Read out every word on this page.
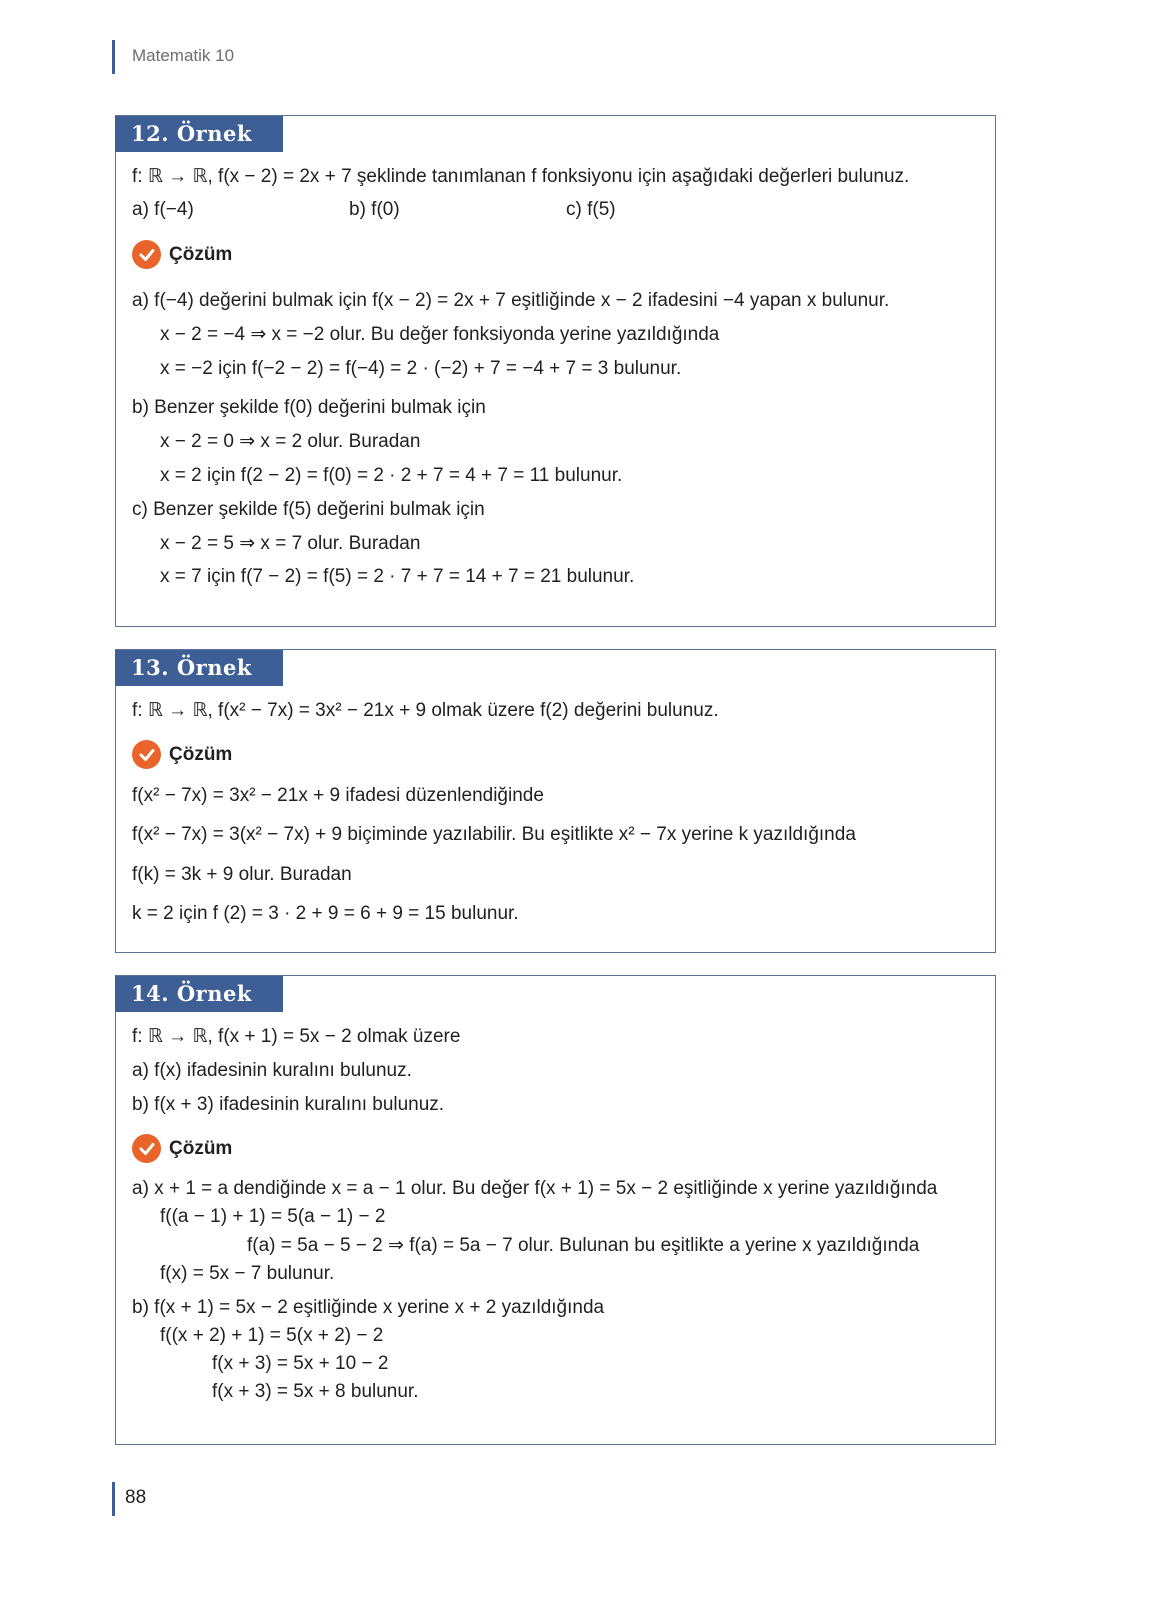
Matematik 10
12. Örnek
f: ℝ → ℝ, f(x − 2) = 2x + 7 şeklinde tanımlanan f fonksiyonu için aşağıdaki değerleri bulunuz.
a) f(−4)	b) f(0)	c) f(5)
Çözüm
a) f(−4) değerini bulmak için f(x − 2) = 2x + 7 eşitliğinde x − 2 ifadesini −4 yapan x bulunur.
x − 2 = −4 ⇒ x = −2 olur. Bu değer fonksiyonda yerine yazıldığında
x = −2 için f(−2 − 2) = f(−4) = 2 · (−2) + 7 = −4 + 7 = 3 bulunur.
b) Benzer şekilde f(0) değerini bulmak için
x − 2 = 0 ⇒ x = 2 olur. Buradan
x = 2 için f(2 − 2) = f(0) = 2 · 2 + 7 = 4 + 7 = 11 bulunur.
c) Benzer şekilde f(5) değerini bulmak için
x − 2 = 5 ⇒ x = 7 olur. Buradan
x = 7 için f(7 − 2) = f(5) = 2 · 7 + 7 = 14 + 7 = 21 bulunur.
13. Örnek
f: ℝ → ℝ, f(x² − 7x) = 3x² − 21x + 9 olmak üzere f(2) değerini bulunuz.
Çözüm
f(x² − 7x) = 3x² − 21x + 9 ifadesi düzenlendiğinde
f(x² − 7x) = 3(x² − 7x) + 9 biçiminde yazılabilir. Bu eşitlikte x² − 7x yerine k yazıldığında
f(k) = 3k + 9 olur. Buradan
k = 2 için f (2) = 3 · 2 + 9 = 6 + 9 = 15 bulunur.
14. Örnek
f: ℝ → ℝ, f(x + 1) = 5x − 2 olmak üzere
a) f(x) ifadesinin kuralını bulunuz.
b) f(x + 3) ifadesinin kuralını bulunuz.
Çözüm
a) x + 1 = a dendiğinde x = a − 1 olur. Bu değer f(x + 1) = 5x − 2 eşitliğinde x yerine yazıldığında
f((a − 1) + 1) = 5(a − 1) − 2
f(a) = 5a − 5 − 2 ⇒ f(a) = 5a − 7 olur. Bulunan bu eşitlikte a yerine x yazıldığında
f(x) = 5x − 7 bulunur.
b) f(x + 1) = 5x − 2 eşitliğinde x yerine x + 2 yazıldığında
f((x + 2) + 1) = 5(x + 2) − 2
f(x + 3) = 5x + 10 − 2
f(x + 3) = 5x + 8 bulunur.
88
